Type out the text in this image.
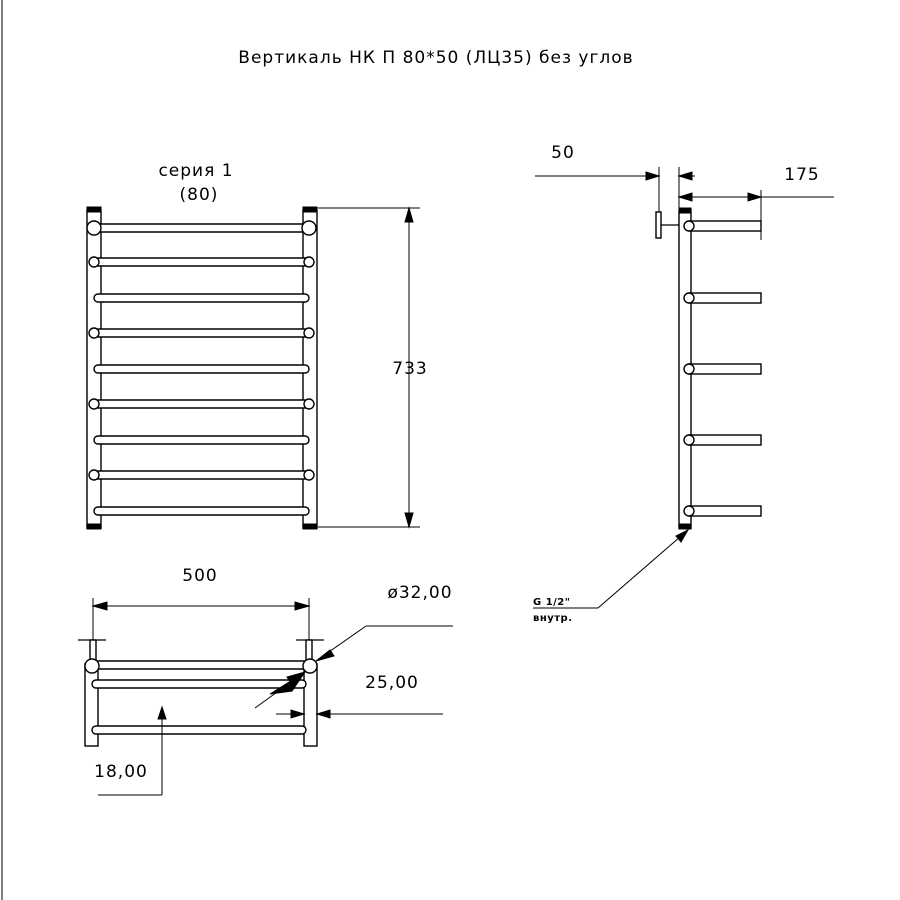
Вертикаль НК П 80*50 (ЛЦ35) без углов
серия 1
(80)
733
50
175
G 1/2"
внутр.
500
ø32,00
25,00
18,00
